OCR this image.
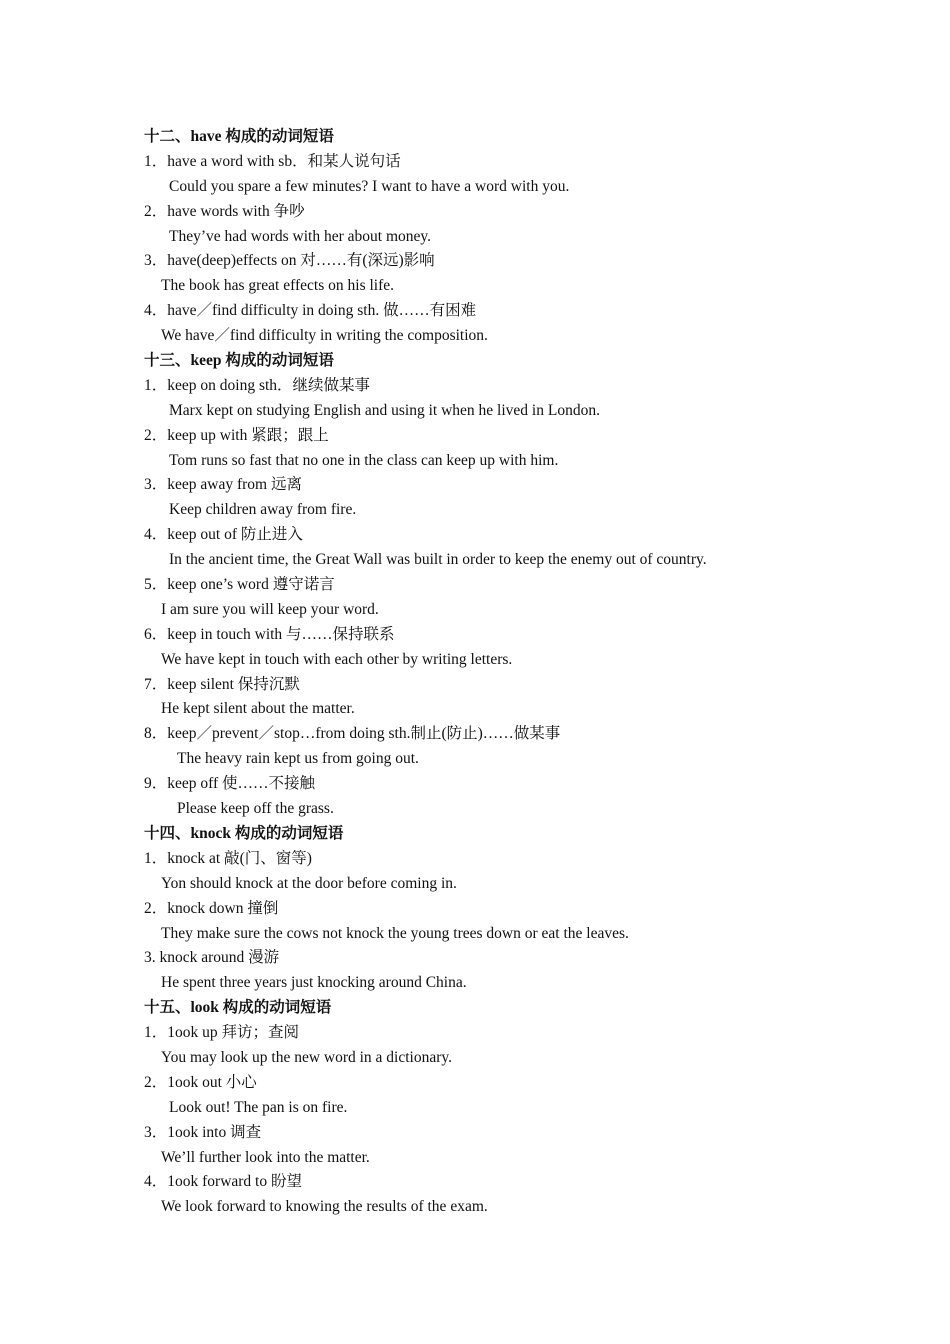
十二、have 构成的动词短语
1．have a word with sb．和某人说句话
Could you spare a few minutes? I want to have a word with you.
2．have words with 争吵
They’ve had words with her about money.
3．have(deep)effects on 对……有(深远)影响
The book has great effects on his life.
4．have／find difficulty in doing sth. 做……有困难
We have／find difficulty in writing the composition.
十三、keep 构成的动词短语
1．keep on doing sth．继续做某事
Marx kept on studying English and using it when he lived in London.
2．keep up with 紧跟；跟上
Tom runs so fast that no one in the class can keep up with him.
3．keep away from 远离
Keep children away from fire.
4．keep out of 防止进入
In the ancient time, the Great Wall was built in order to keep the enemy out of country.
5．keep one’s word 遵守诺言
I am sure you will keep your word.
6．keep in touch with 与……保持联系
We have kept in touch with each other by writing letters.
7．keep silent 保持沉默
He kept silent about the matter.
8．keep／prevent／stop…from doing sth.制止(防止)……做某事
The heavy rain kept us from going out.
9．keep off 使……不接触
Please keep off the grass.
十四、knock 构成的动词短语
1．knock at 敲(门、窗等)
Yon should knock at the door before coming in.
2．knock down 撞倒
They make sure the cows not knock the young trees down or eat the leaves.
3. knock around 漫游
He spent three years just knocking around China.
十五、look 构成的动词短语
1．1ook up 拜访；查阅
You may look up the new word in a dictionary.
2．1ook out 小心
Look out! The pan is on fire.
3．1ook into 调查
We’ll further look into the matter.
4．1ook forward to 盼望
We look forward to knowing the results of the exam.
